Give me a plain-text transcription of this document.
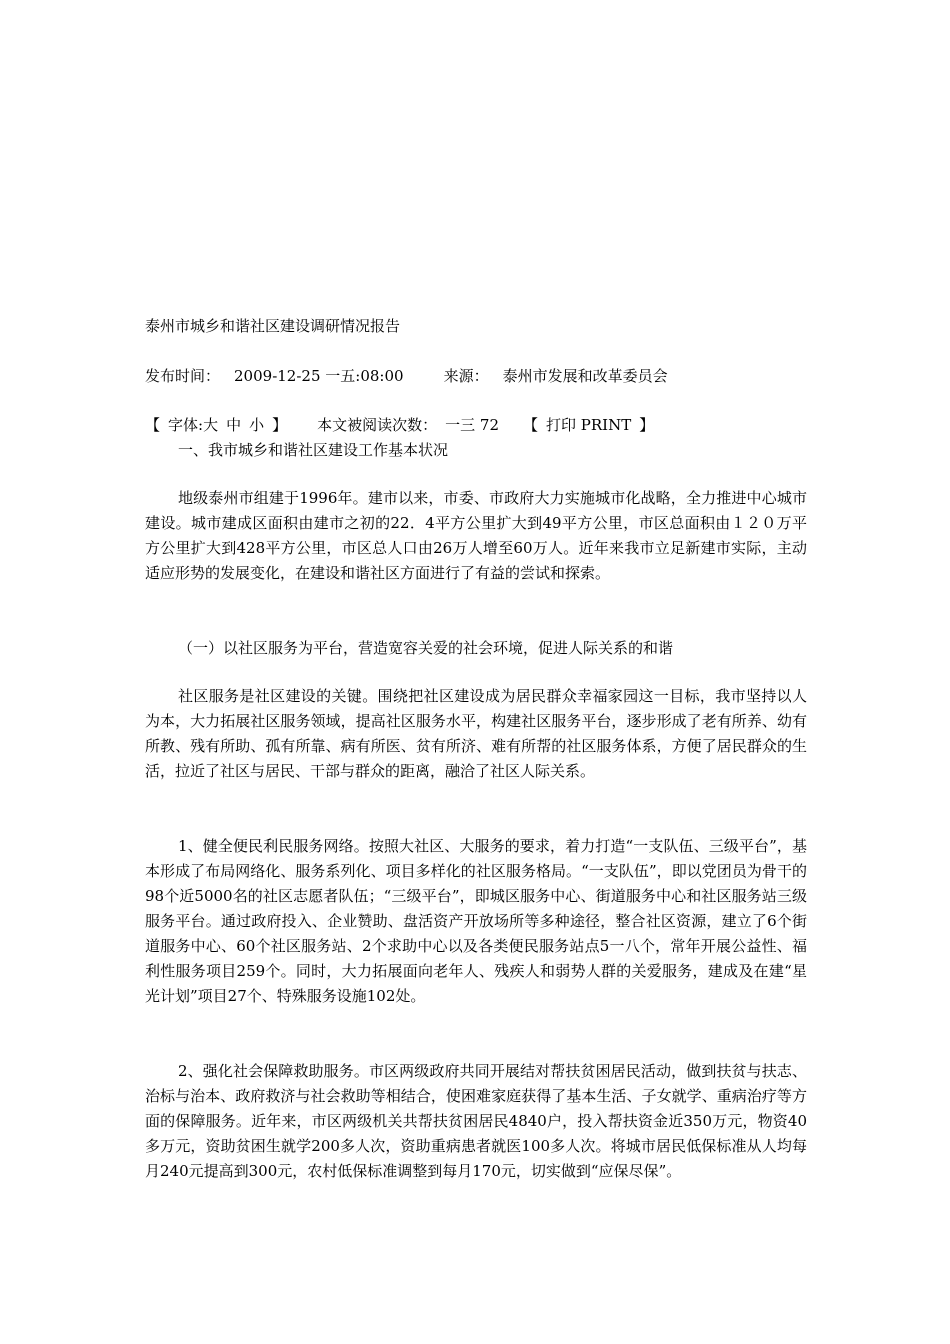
泰州市城乡和谐社区建设调研情况报告
发布时间： 2009-12-25 一五:08:00	来源： 泰州市发展和改革委员会
【 字体:大 中 小 】 本文被阅读次数： 一三 72 【 打印 PRINT 】
一、我市城乡和谐社区建设工作基本状况

地级泰州市组建于1996年。建市以来，市委、市政府大力实施城市化战略，全力推进中心城市建设。城市建成区面积由建市之初的22．4平方公里扩大到49平方公里，市区总面积由１２０万平方公里扩大到428平方公里，市区总人口由26万人增至60万人。近年来我市立足新建市实际，主动适应形势的发展变化，在建设和谐社区方面进行了有益的尝试和探索。

（一）以社区服务为平台，营造宽容关爱的社会环境，促进人际关系的和谐

社区服务是社区建设的关键。围绕把社区建设成为居民群众幸福家园这一目标，我市坚持以人为本，大力拓展社区服务领域，提高社区服务水平，构建社区服务平台，逐步形成了老有所养、幼有所教、残有所助、孤有所靠、病有所医、贫有所济、难有所帮的社区服务体系，方便了居民群众的生活，拉近了社区与居民、干部与群众的距离，融洽了社区人际关系。

1、健全便民利民服务网络。按照大社区、大服务的要求，着力打造“一支队伍、三级平台”，基本形成了布局网络化、服务系列化、项目多样化的社区服务格局。“一支队伍”，即以党团员为骨干的98个近5000名的社区志愿者队伍；“三级平台”，即城区服务中心、街道服务中心和社区服务站三级服务平台。通过政府投入、企业赞助、盘活资产开放场所等多种途径，整合社区资源，建立了6个街道服务中心、60个社区服务站、2个求助中心以及各类便民服务站点5一八个，常年开展公益性、福利性服务项目259个。同时，大力拓展面向老年人、残疾人和弱势人群的关爱服务，建成及在建“星光计划”项目27个、特殊服务设施102处。

2、强化社会保障救助服务。市区两级政府共同开展结对帮扶贫困居民活动，做到扶贫与扶志、治标与治本、政府救济与社会救助等相结合，使困难家庭获得了基本生活、子女就学、重病治疗等方面的保障服务。近年来，市区两级机关共帮扶贫困居民4840户，投入帮扶资金近350万元，物资40多万元，资助贫困生就学200多人次，资助重病患者就医100多人次。将城市居民低保标准从人均每月240元提高到300元，农村低保标准调整到每月170元，切实做到“应保尽保”。
